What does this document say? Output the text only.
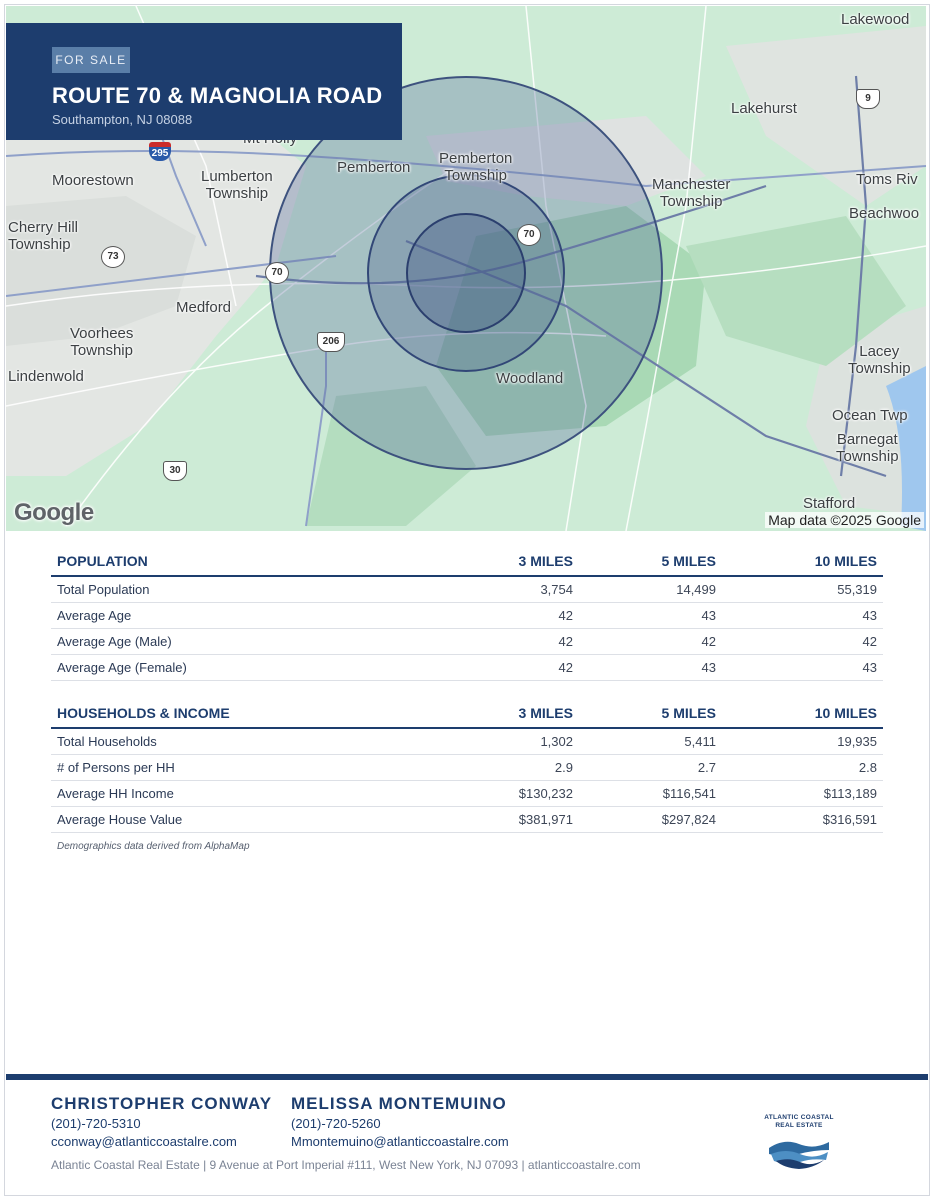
Lakewood
Lakehurst
Moorestown	Lumberton
Township
Pemberton
Pemberton
Township
Manchester
Township
Toms Riv
Beachwoo
Cherry Hill
Township
Medford
Voorhees
Township
Lindenwold	Woodland
Lacey
Township
Ocean Twp
Barnegat
Township
Stafford
295
70
70
73
206
30
9
Google	Map data ©2025 Google
FOR SALE
ROUTE 70 & MAGNOLIA ROAD
Southampton, NJ 08088
POPULATION	3 MILES	5 MILES	10 MILES
Total Population	3,754	14,499	55,319
Average Age	42	43	43
Average Age (Male)	42	42	42
Average Age (Female)	42	43	43
HOUSEHOLDS & INCOME	3 MILES	5 MILES	10 MILES
Total Households	1,302	5,411	19,935
# of Persons per HH	2.9	2.7	2.8
Average HH Income	$130,232	$116,541	$113,189
Average House Value	$381,971	$297,824	$316,591
Demographics data derived from AlphaMap
CHRISTOPHER CONWAY
(201)-720-5310
cconway@atlanticcoastalre.com
MELISSA MONTEMUINO
(201)-720-5260
Mmontemuino@atlanticcoastalre.com
Atlantic Coastal Real Estate | 9 Avenue at Port Imperial #111, West New York, NJ 07093 | atlanticcoastalre.com
ATLANTIC COASTAL
REAL ESTATE
